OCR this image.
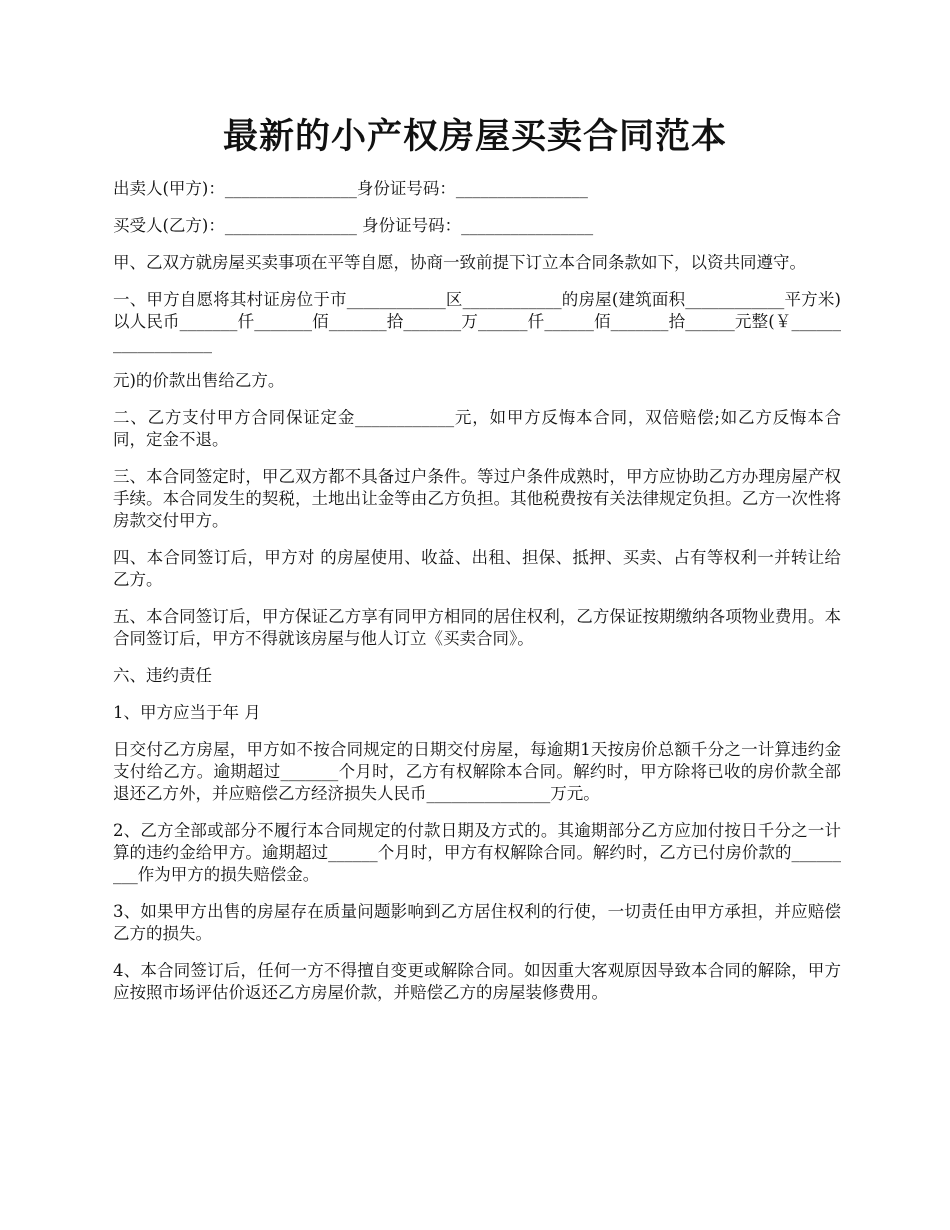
最新的小产权房屋买卖合同范本

出卖人(甲方)：________________身份证号码：________________

买受人(乙方)：________________ 身份证号码：________________

甲、乙双方就房屋买卖事项在平等自愿，协商一致前提下订立本合同条款如下，以资共同遵守。

一、甲方自愿将其村证房位于市____________区____________的房屋(建筑面积____________平方米)以人民币_______仟_______佰_______拾_______万______仟______佰_______拾______元整(￥__________________

元)的价款出售给乙方。

二、乙方支付甲方合同保证定金____________元，如甲方反悔本合同，双倍赔偿;如乙方反悔本合同，定金不退。

三、本合同签定时，甲乙双方都不具备过户条件。等过户条件成熟时，甲方应协助乙方办理房屋产权手续。本合同发生的契税，土地出让金等由乙方负担。其他税费按有关法律规定负担。乙方一次性将房款交付甲方。

四、本合同签订后，甲方对 的房屋使用、收益、出租、担保、抵押、买卖、占有等权利一并转让给乙方。

五、本合同签订后，甲方保证乙方享有同甲方相同的居住权利，乙方保证按期缴纳各项物业费用。本合同签订后，甲方不得就该房屋与他人订立《买卖合同》。

六、违约责任

1、甲方应当于年 月

日交付乙方房屋，甲方如不按合同规定的日期交付房屋，每逾期1天按房价总额千分之一计算违约金支付给乙方。逾期超过_______个月时，乙方有权解除本合同。解约时，甲方除将已收的房价款全部退还乙方外，并应赔偿乙方经济损失人民币_______________万元。

2、乙方全部或部分不履行本合同规定的付款日期及方式的。其逾期部分乙方应加付按日千分之一计算的违约金给甲方。逾期超过______个月时，甲方有权解除合同。解约时，乙方已付房价款的_________作为甲方的损失赔偿金。

3、如果甲方出售的房屋存在质量问题影响到乙方居住权利的行使，一切责任由甲方承担，并应赔偿乙方的损失。

4、本合同签订后，任何一方不得擅自变更或解除合同。如因重大客观原因导致本合同的解除，甲方应按照市场评估价返还乙方房屋价款，并赔偿乙方的房屋装修费用。
